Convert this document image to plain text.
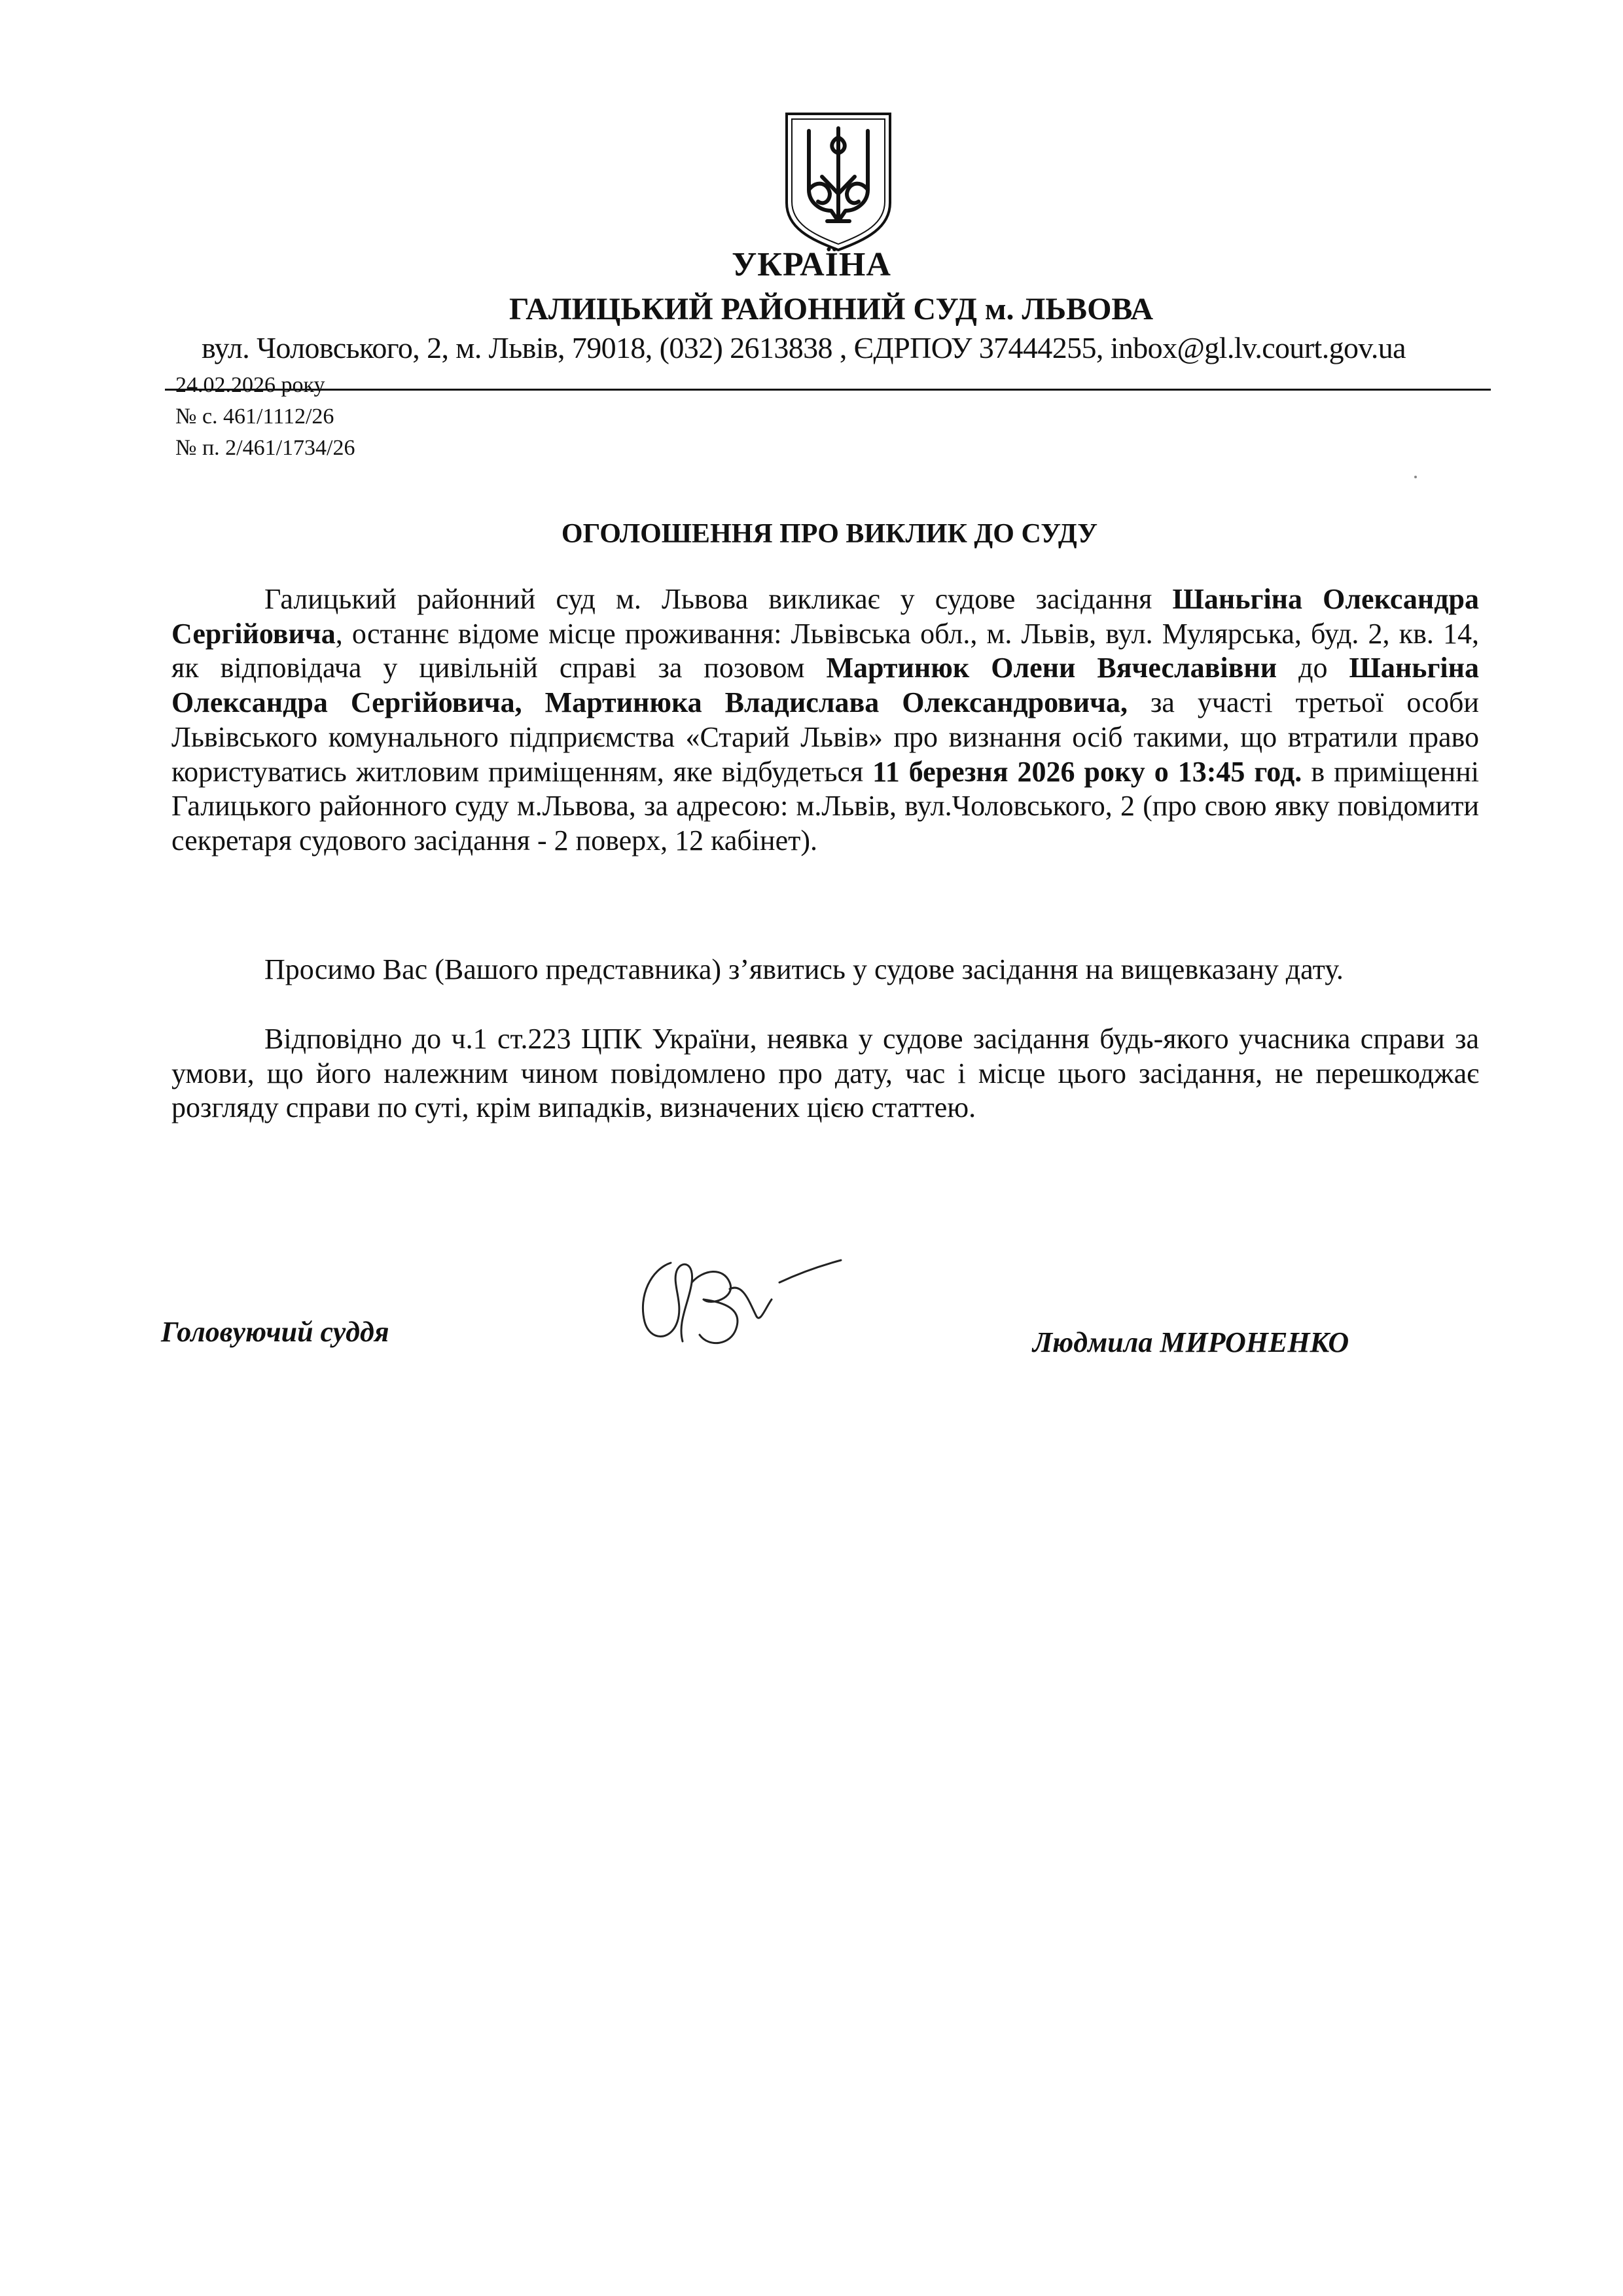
УКРАЇНА
ГАЛИЦЬКИЙ РАЙОННИЙ СУД м. ЛЬВОВА
вул. Чоловського, 2, м. Львів, 79018, (032) 2613838 , ЄДРПОУ 37444255, inbox@gl.lv.court.gov.ua
24.02.2026 року
№ с. 461/1112/26
№ п. 2/461/1734/26
ОГОЛОШЕННЯ ПРО ВИКЛИК ДО СУДУ
Галицький районний суд м. Львова викликає у судове засідання Шаньгіна Олександра Сергійовича, останнє відоме місце проживання: Львівська обл., м. Львів, вул. Мулярська, буд. 2, кв. 14, як відповідача у цивільній справі за позовом Мартинюк Олени Вячеславівни до Шаньгіна Олександра Сергійовича, Мартинюка Владислава Олександровича, за участі третьої особи Львівського комунального підприємства «Старий Львів» про визнання осіб такими, що втратили право користуватись житловим приміщенням, яке відбудеться 11 березня 2026 року о 13:45 год. в приміщенні Галицького районного суду м.Львова, за адресою: м.Львів, вул.Чоловського, 2 (про свою явку повідомити секретаря судового засідання - 2 поверх, 12 кабінет).
Просимо Вас (Вашого представника) з’явитись у судове засідання на вищевказану дату.
Відповідно до ч.1 ст.223 ЦПК України, неявка у судове засідання будь-якого учасника справи за умови, що його належним чином повідомлено про дату, час і місце цього засідання, не перешкоджає розгляду справи по суті, крім випадків, визначених цією статтею.
Головуючий суддя	Людмила МИРОНЕНКО
